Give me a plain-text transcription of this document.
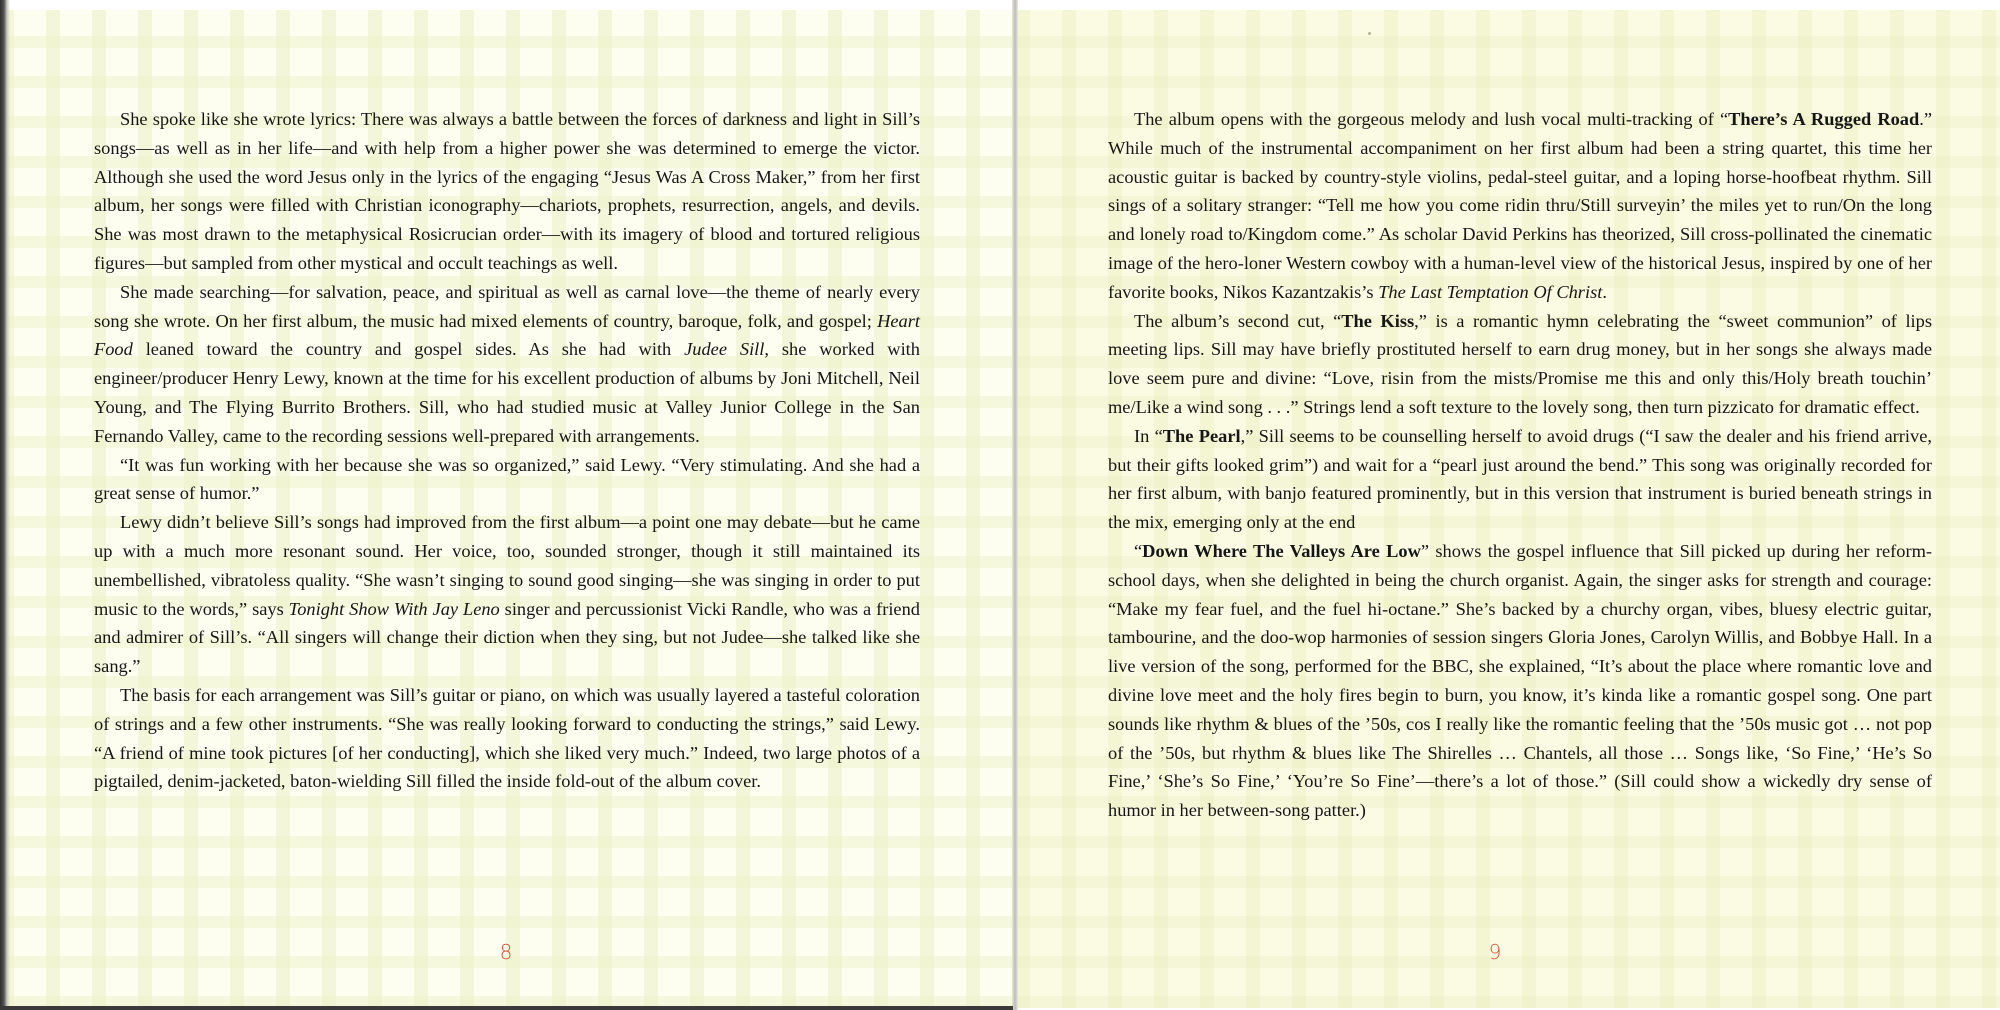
She spoke like she wrote lyrics: There was always a battle between the forces of darkness and light in Sill’s songs—as well as in her life—and with help from a higher power she was determined to emerge the victor. Although she used the word Jesus only in the lyrics of the engaging “Jesus Was A Cross Maker,” from her first album, her songs were filled with Christian iconography—chariots, prophets, resurrection, angels, and devils. She was most drawn to the metaphysical Rosicrucian order—with its imagery of blood and tortured religious figures—but sampled from other mystical and occult teachings as well.

She made searching—for salvation, peace, and spiritual as well as carnal love—the theme of nearly every song she wrote. On her first album, the music had mixed elements of country, baroque, folk, and gospel; Heart Food leaned toward the country and gospel sides. As she had with Judee Sill, she worked with engineer/producer Henry Lewy, known at the time for his excellent production of albums by Joni Mitchell, Neil Young, and The Flying Burrito Brothers. Sill, who had studied music at Valley Junior College in the San Fernando Valley, came to the recording sessions well-prepared with arrangements.

“It was fun working with her because she was so organized,” said Lewy. “Very stimulating. And she had a great sense of humor.”

Lewy didn’t believe Sill’s songs had improved from the first album—a point one may debate—but he came up with a much more resonant sound. Her voice, too, sounded stronger, though it still maintained its unembellished, vibratoless quality. “She wasn’t singing to sound good singing—she was singing in order to put music to the words,” says Tonight Show With Jay Leno singer and percussionist Vicki Randle, who was a friend and admirer of Sill’s. “All singers will change their diction when they sing, but not Judee—she talked like she sang.”

The basis for each arrangement was Sill’s guitar or piano, on which was usually layered a tasteful coloration of strings and a few other instruments. “She was really looking forward to conducting the strings,” said Lewy. “A friend of mine took pictures [of her conducting], which she liked very much.” Indeed, two large photos of a pigtailed, denim-jacketed, baton-wielding Sill filled the inside fold-out of the album cover.

8

The album opens with the gorgeous melody and lush vocal multi-tracking of “There’s A Rugged Road.” While much of the instrumental accompaniment on her first album had been a string quartet, this time her acoustic guitar is backed by country-style violins, pedal-steel guitar, and a loping horse-hoofbeat rhythm. Sill sings of a solitary stranger: “Tell me how you come ridin thru/Still surveyin’ the miles yet to run/On the long and lonely road to/Kingdom come.” As scholar David Perkins has theorized, Sill cross-pollinated the cinematic image of the hero-loner Western cowboy with a human-level view of the historical Jesus, inspired by one of her favorite books, Nikos Kazantzakis’s The Last Temptation Of Christ.

The album’s second cut, “The Kiss,” is a romantic hymn celebrating the “sweet communion” of lips meeting lips. Sill may have briefly prostituted herself to earn drug money, but in her songs she always made love seem pure and divine: “Love, risin from the mists/Promise me this and only this/Holy breath touchin’ me/Like a wind song . . .” Strings lend a soft texture to the lovely song, then turn pizzicato for dramatic effect.

In “The Pearl,” Sill seems to be counselling herself to avoid drugs (“I saw the dealer and his friend arrive, but their gifts looked grim”) and wait for a “pearl just around the bend.” This song was originally recorded for her first album, with banjo featured prominently, but in this version that instrument is buried beneath strings in the mix, emerging only at the end

“Down Where The Valleys Are Low” shows the gospel influence that Sill picked up during her reform-school days, when she delighted in being the church organist. Again, the singer asks for strength and courage: “Make my fear fuel, and the fuel hi-octane.” She’s backed by a churchy organ, vibes, bluesy electric guitar, tambourine, and the doo-wop harmonies of session singers Gloria Jones, Carolyn Willis, and Bobbye Hall. In a live version of the song, performed for the BBC, she explained, “It’s about the place where romantic love and divine love meet and the holy fires begin to burn, you know, it’s kinda like a romantic gospel song. One part sounds like rhythm & blues of the ’50s, cos I really like the romantic feeling that the ’50s music got … not pop of the ’50s, but rhythm & blues like The Shirelles … Chantels, all those … Songs like, ‘So Fine,’ ‘He’s So Fine,’ ‘She’s So Fine,’ ‘You’re So Fine’—there’s a lot of those.” (Sill could show a wickedly dry sense of humor in her between-song patter.)

9
